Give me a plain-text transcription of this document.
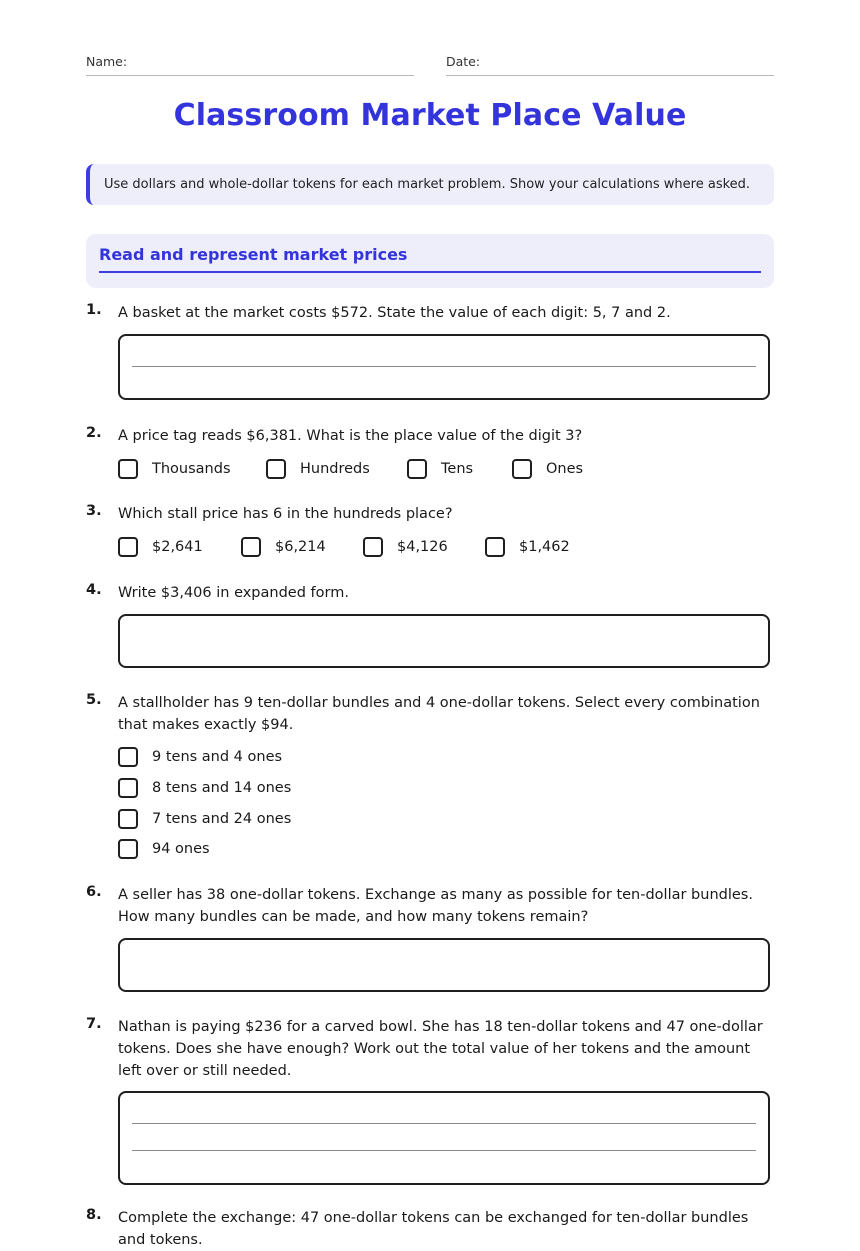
Name:	Date:
Classroom Market Place Value
Use dollars and whole-dollar tokens for each market problem. Show your calculations where asked.
Read and represent market prices
1. A basket at the market costs $572. State the value of each digit: 5, 7 and 2.
2. A price tag reads $6,381. What is the place value of the digit 3?
Thousands	Hundreds	Tens	Ones
3. Which stall price has 6 in the hundreds place?
$2,641	$6,214	$4,126	$1,462
4. Write $3,406 in expanded form.
5. A stallholder has 9 ten-dollar bundles and 4 one-dollar tokens. Select every combination that makes exactly $94.
9 tens and 4 ones
8 tens and 14 ones
7 tens and 24 ones
94 ones
6. A seller has 38 one-dollar tokens. Exchange as many as possible for ten-dollar bundles. How many bundles can be made, and how many tokens remain?
7. Nathan is paying $236 for a carved bowl. She has 18 ten-dollar tokens and 47 one-dollar tokens. Does she have enough? Work out the total value of her tokens and the amount left over or still needed.
8. Complete the exchange: 47 one-dollar tokens can be exchanged for ten-dollar bundles and tokens.
